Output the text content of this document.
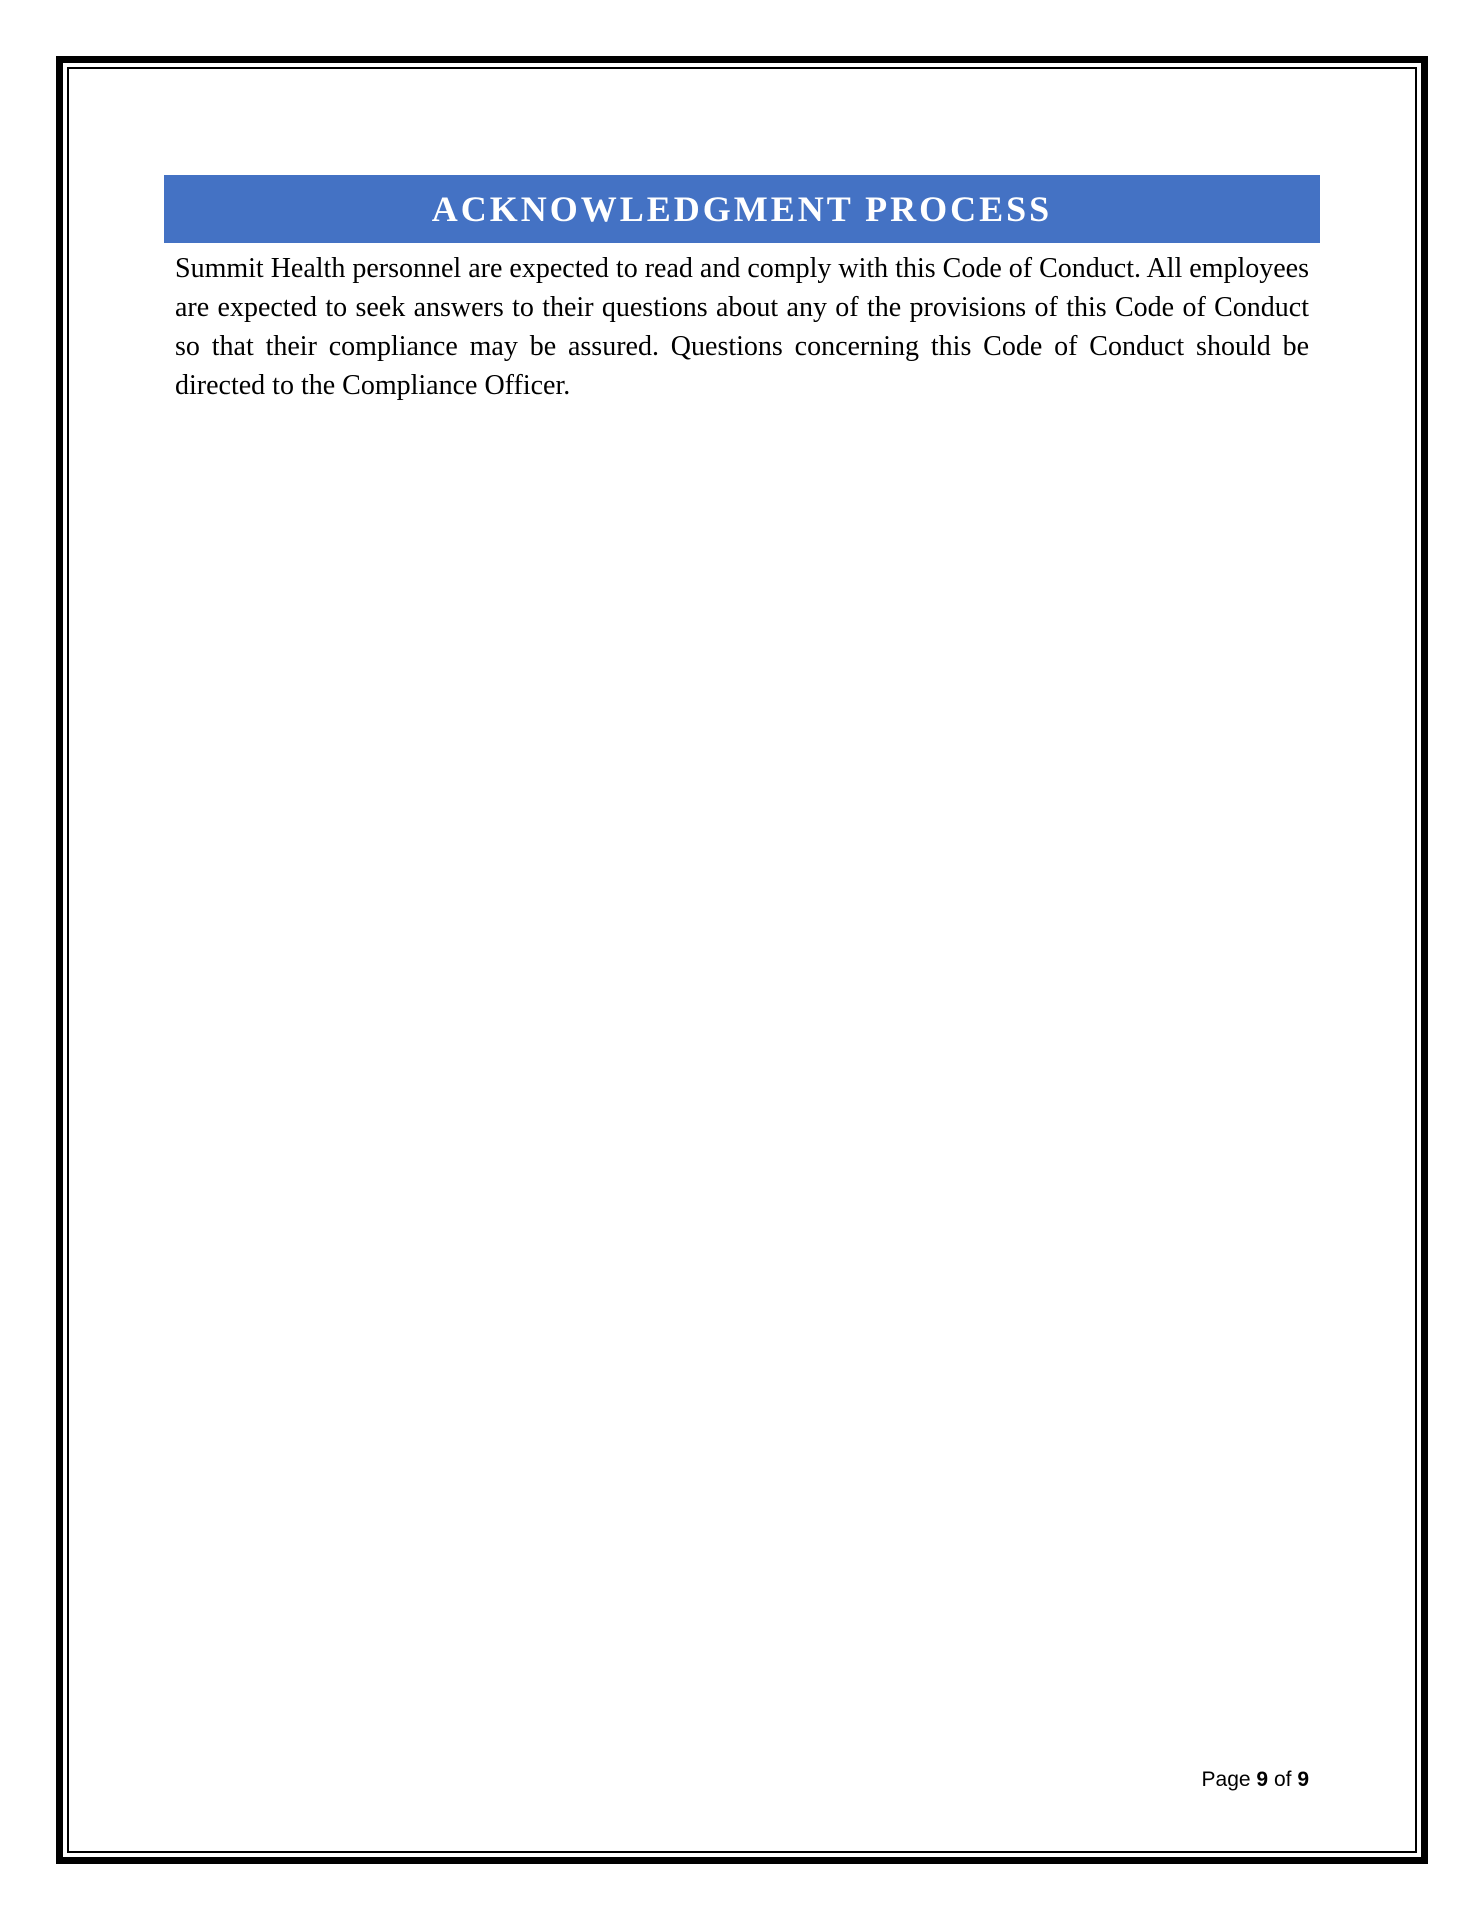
ACKNOWLEDGMENT PROCESS

Summit Health personnel are expected to read and comply with this Code of Conduct. All employees are expected to seek answers to their questions about any of the provisions of this Code of Conduct so that their compliance may be assured. Questions concerning this Code of Conduct should be directed to the Compliance Officer.

Page 9 of 9
